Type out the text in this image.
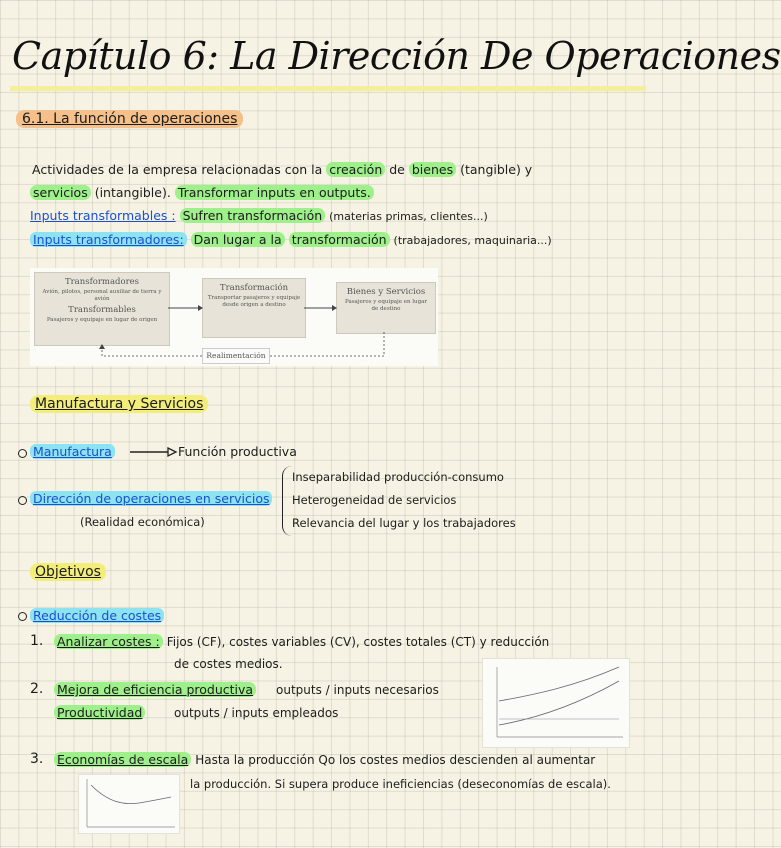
Capítulo 6: La Dirección De Operaciones
6.1. La función de operaciones
Actividades de la empresa relacionadas con la creación de bienes (tangible) y
servicios (intangible). Transformar inputs en outputs.
Inputs transformables : Sufren transformación (materias primas, clientes...)
Inputs transformadores: Dan lugar a la transformación (trabajadores, maquinaria...)
Transformadores
Avión, pilotos, personal auxiliar de tierra y avión
Transformables
Pasajeros y equipaje en lugar de origen
Transformación
Transportar pasajeros y equipaje desde origen a destino
Bienes y Servicios
Pasajeros y equipaje en lugar de destino
Realimentación
Manufactura y Servicios
Manufactura	Función productiva
Dirección de operaciones en servicios
(Realidad económica)
Inseparabilidad producción-consumo
Heterogeneidad de servicios
Relevancia del lugar y los trabajadores
Objetivos
Reducción de costes
1. Analizar costes : Fijos (CF), costes variables (CV), costes totales (CT) y reducción
de costes medios.
2. Mejora de eficiencia productiva outputs / inputs necesarios
Productividad	outputs / inputs empleados
3. Economías de escala Hasta la producción Qo los costes medios descienden al aumentar
la producción. Si supera produce ineficiencias (deseconomías de escala).
